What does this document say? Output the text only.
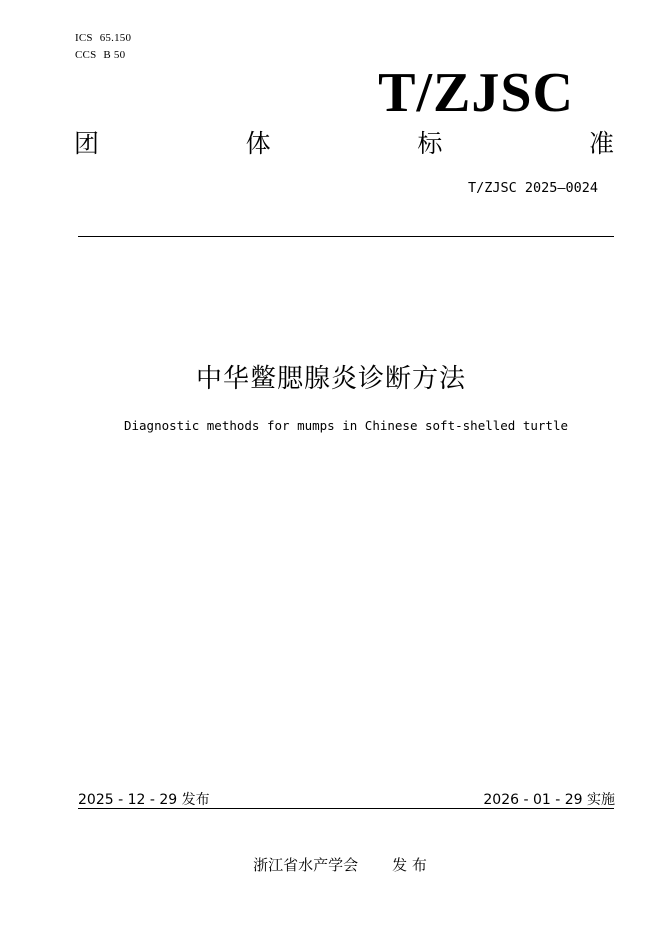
ICS 65.150
CCS B 50
T/ZJSC
团	体	标	准
T/ZJSC 2025—0024
中华鳖腮腺炎诊断方法
Diagnostic methods for mumps in Chinese soft-shelled turtle
2025 - 12 - 29 发布	2026 - 01 - 29 实施
浙江省水产学会 发 布
